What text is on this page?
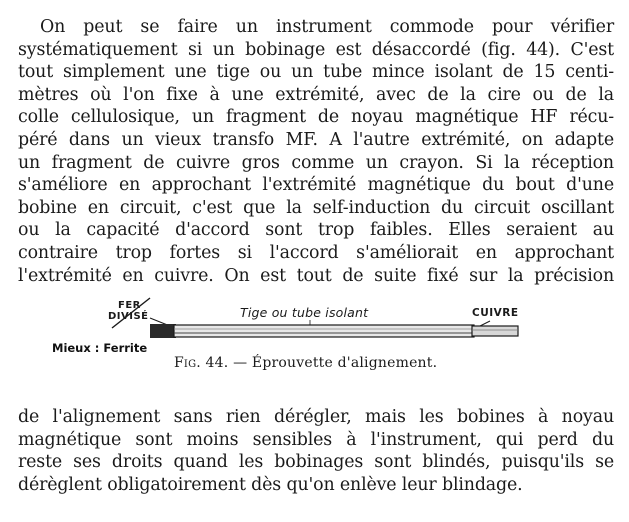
On peut se faire un instrument commode pour vérifier
systématiquement si un bobinage est désaccordé (fig. 44). C'est
tout simplement une tige ou un tube mince isolant de 15 centi-
mètres où l'on fixe à une extrémité, avec de la cire ou de la
colle cellulosique, un fragment de noyau magnétique HF récu-
péré dans un vieux transfo MF. A l'autre extrémité, on adapte
un fragment de cuivre gros comme un crayon. Si la réception
s'améliore en approchant l'extrémité magnétique du bout d'une
bobine en circuit, c'est que la self-induction du circuit oscillant
ou la capacité d'accord sont trop faibles. Elles seraient au
contraire trop fortes si l'accord s'améliorait en approchant
l'extrémité en cuivre. On est tout de suite fixé sur la précision
FER
DIVISÉ	Tige ou tube isolant	CUIVRE
Mieux : Ferrite
Fig. 44. — Éprouvette d'alignement.
de l'alignement sans rien dérégler, mais les bobines à noyau
magnétique sont moins sensibles à l'instrument, qui perd du
reste ses droits quand les bobinages sont blindés, puisqu'ils se
dérèglent obligatoirement dès qu'on enlève leur blindage.
